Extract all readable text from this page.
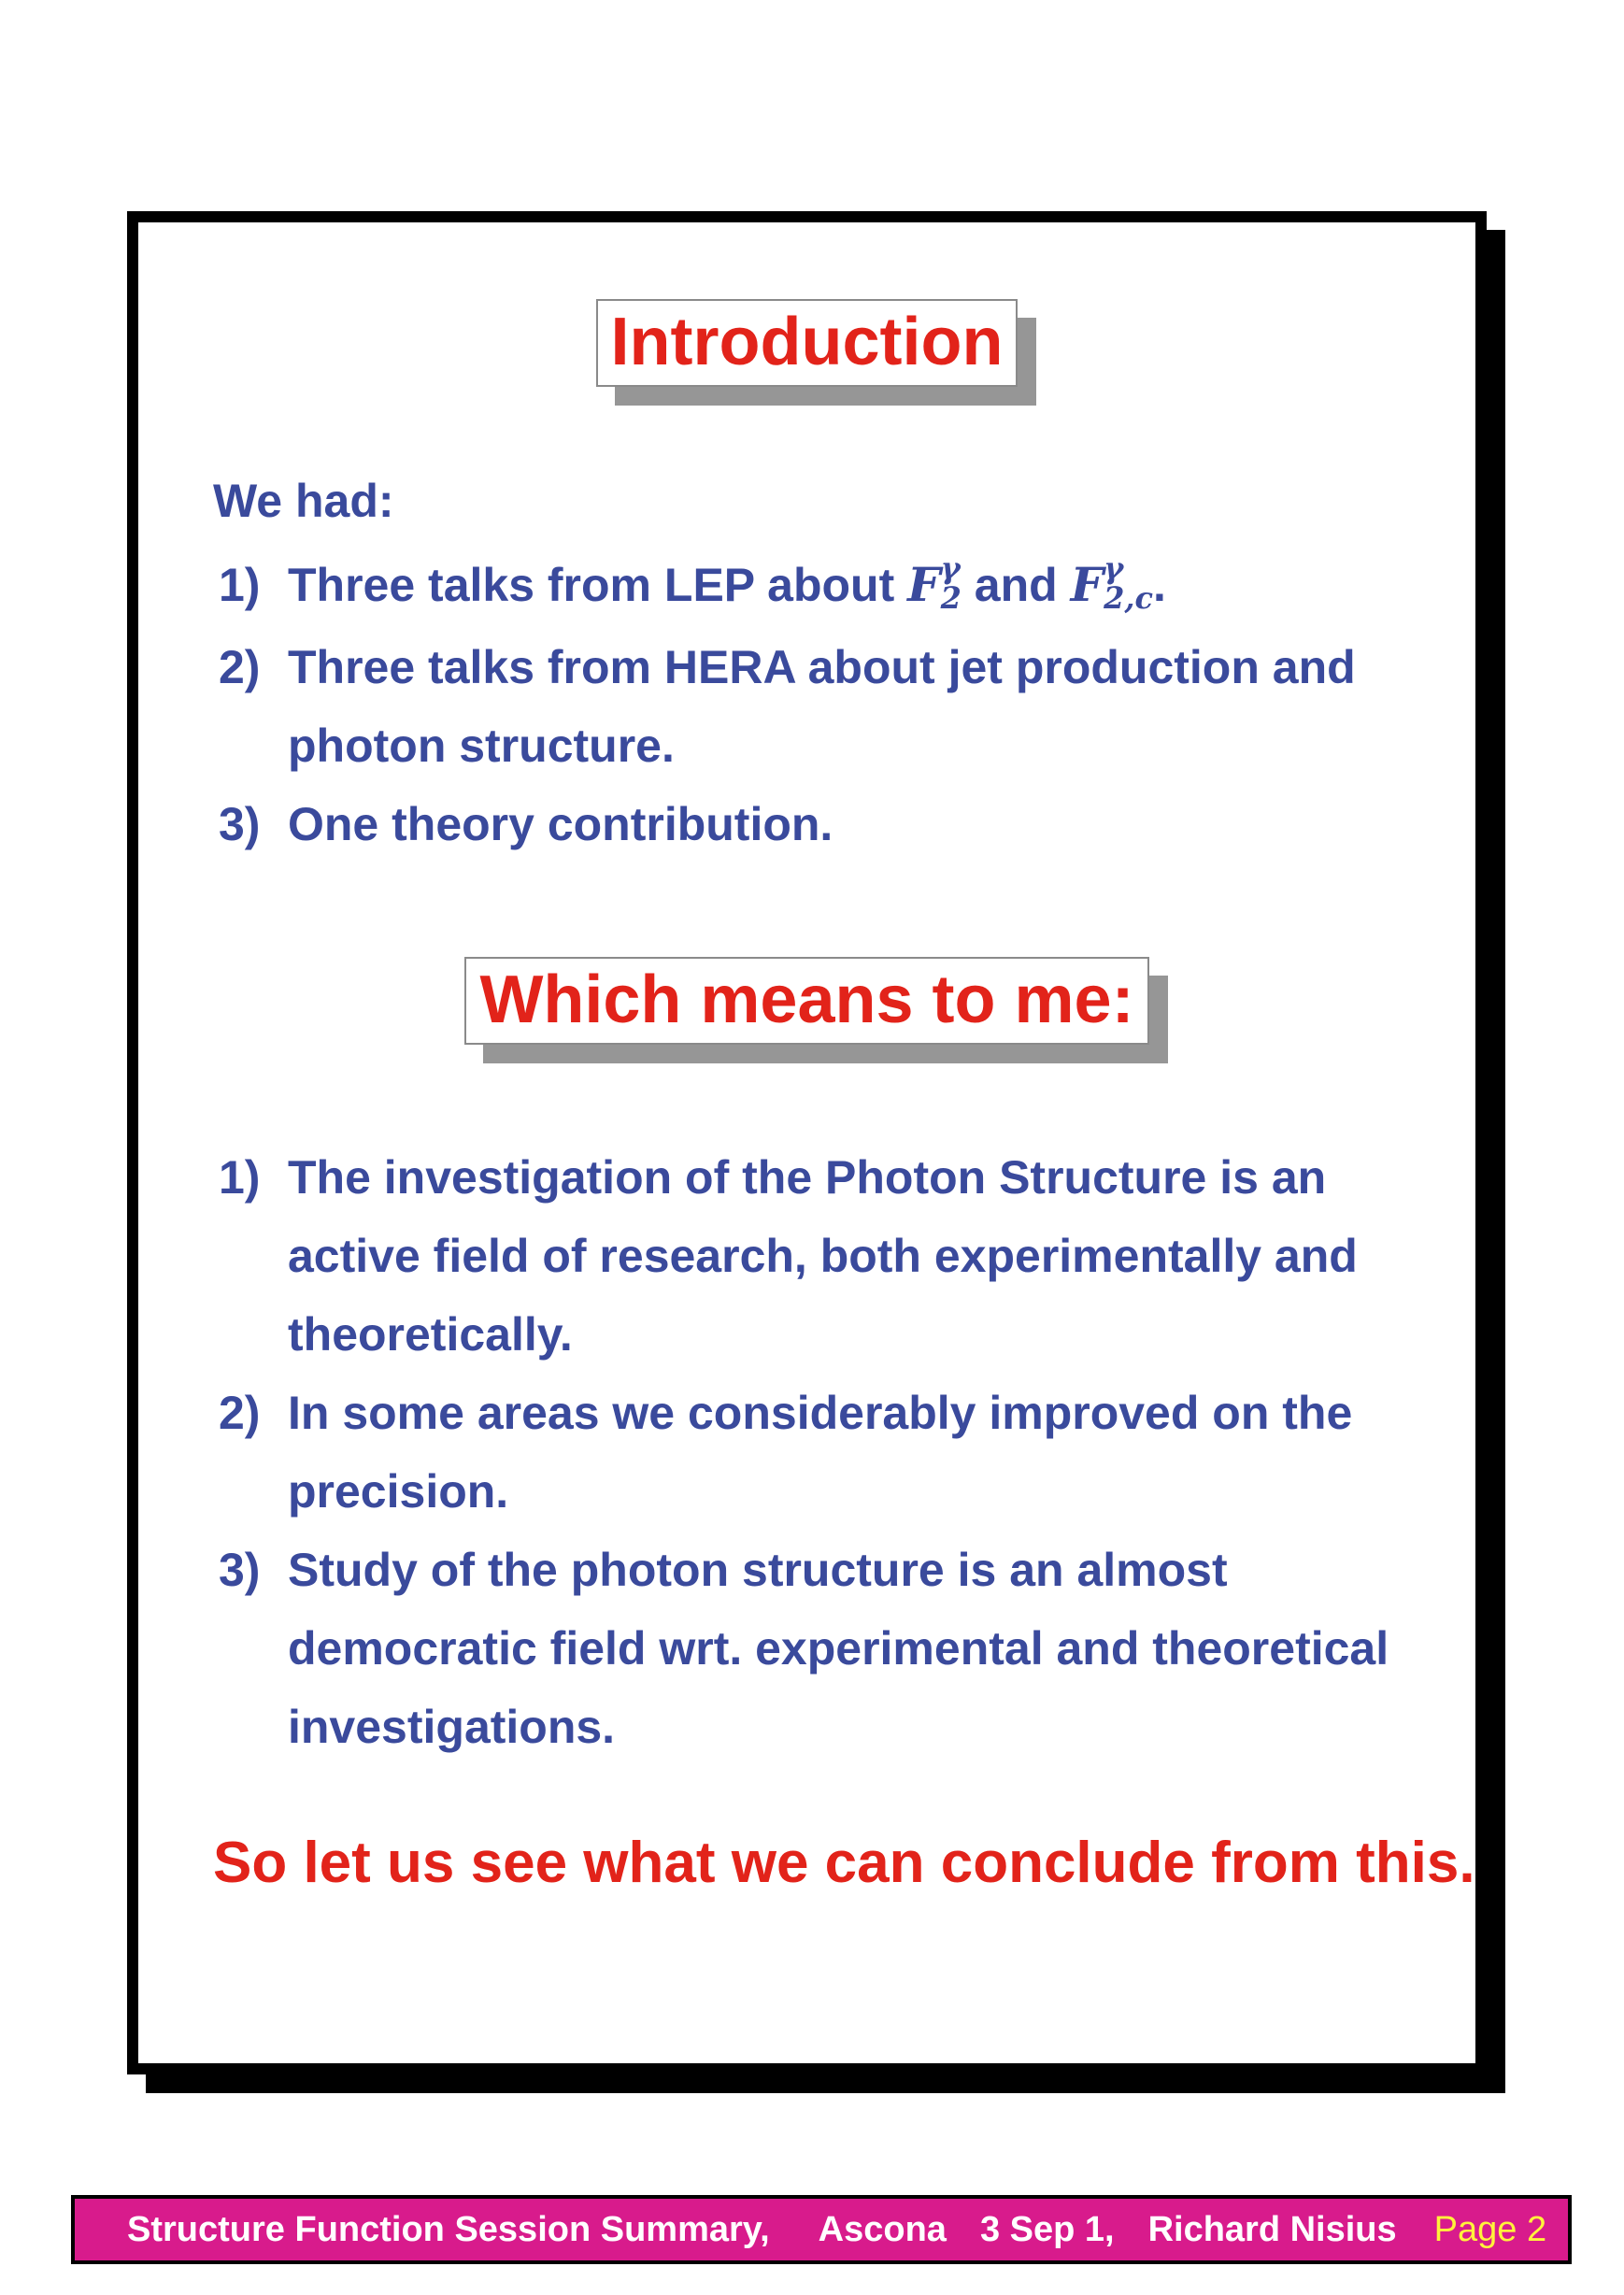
Introduction
We had:
1) Three talks from LEP about F γ
2 and F γ
2,c .
2) Three talks from HERA about jet production and photon structure.
3) One theory contribution.
Which means to me:
1) The investigation of the Photon Structure is an active field of research, both experimentally and theoretically.
2) In some areas we considerably improved on the precision.
3) Study of the photon structure is an almost democratic field wrt. experimental and theoretical investigations.
So let us see what we can conclude from this.
Structure Function Session Summary, Ascona 3 Sep 1, Richard Nisius Page 2
